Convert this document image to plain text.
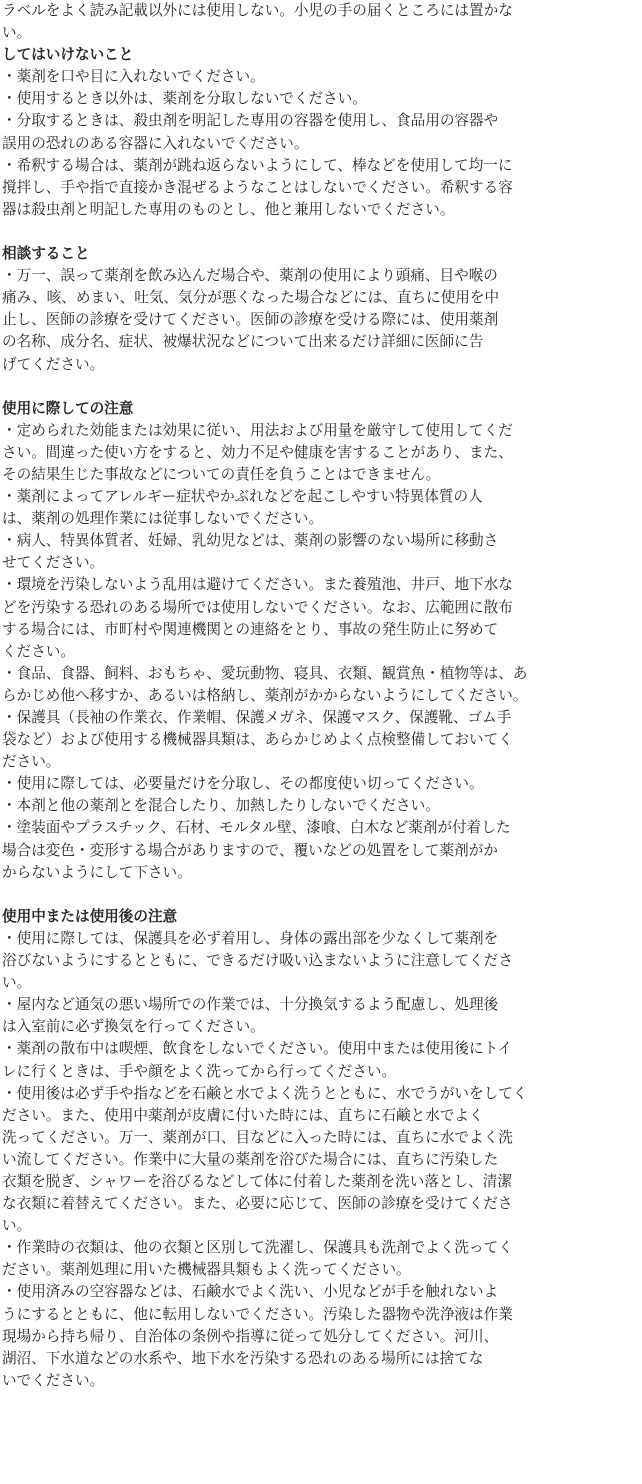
ラベルをよく読み記載以外には使用しない。小児の手の届くところには置かな
い。
してはいけないこと
・薬剤を口や目に入れないでください。
・使用するとき以外は、薬剤を分取しないでください。
・分取するときは、殺虫剤を明記した専用の容器を使用し、食品用の容器や
誤用の恐れのある容器に入れないでください。
・希釈する場合は、薬剤が跳ね返らないようにして、棒などを使用して均一に
撹拌し、手や指で直接かき混ぜるようなことはしないでください。希釈する容
器は殺虫剤と明記した専用のものとし、他と兼用しないでください。
相談すること
・万一、誤って薬剤を飲み込んだ場合や、薬剤の使用により頭痛、目や喉の
痛み、咳、めまい、吐気、気分が悪くなった場合などには、直ちに使用を中
止し、医師の診療を受けてください。医師の診療を受ける際には、使用薬剤
の名称、成分名、症状、被爆状況などについて出来るだけ詳細に医師に告
げてください。
使用に際しての注意
・定められた効能または効果に従い、用法および用量を厳守して使用してくだ
さい。間違った使い方をすると、効力不足や健康を害することがあり、また、
その結果生じた事故などについての責任を負うことはできません。
・薬剤によってアレルギー症状やかぶれなどを起こしやすい特異体質の人
は、薬剤の処理作業には従事しないでください。
・病人、特異体質者、妊婦、乳幼児などは、薬剤の影響のない場所に移動さ
せてください。
・環境を汚染しないよう乱用は避けてください。また養殖池、井戸、地下水な
どを汚染する恐れのある場所では使用しないでください。なお、広範囲に散布
する場合には、市町村や関連機関との連絡をとり、事故の発生防止に努めて
ください。
・食品、食器、飼料、おもちゃ、愛玩動物、寝具、衣類、観賞魚・植物等は、あ
らかじめ他へ移すか、あるいは格納し、薬剤がかからないようにしてください。
・保護具（長袖の作業衣、作業帽、保護メガネ、保護マスク、保護靴、ゴム手
袋など）および使用する機械器具類は、あらかじめよく点検整備しておいてく
ださい。
・使用に際しては、必要量だけを分取し、その都度使い切ってください。
・本剤と他の薬剤とを混合したり、加熱したりしないでください。
・塗装面やプラスチック、石材、モルタル壁、漆喰、白木など薬剤が付着した
場合は変色・変形する場合がありますので、覆いなどの処置をして薬剤がか
からないようにして下さい。
使用中または使用後の注意
・使用に際しては、保護具を必ず着用し、身体の露出部を少なくして薬剤を
浴びないようにするとともに、できるだけ吸い込まないように注意してくださ
い。
・屋内など通気の悪い場所での作業では、十分換気するよう配慮し、処理後
は入室前に必ず換気を行ってください。
・薬剤の散布中は喫煙、飲食をしないでください。使用中または使用後にトイ
レに行くときは、手や顔をよく洗ってから行ってください。
・使用後は必ず手や指などを石鹸と水でよく洗うとともに、水でうがいをしてく
ださい。また、使用中薬剤が皮膚に付いた時には、直ちに石鹸と水でよく
洗ってください。万一、薬剤が口、目などに入った時には、直ちに水でよく洗
い流してください。作業中に大量の薬剤を浴びた場合には、直ちに汚染した
衣類を脱ぎ、シャワーを浴びるなどして体に付着した薬剤を洗い落とし、清潔
な衣類に着替えてください。また、必要に応じて、医師の診療を受けてくださ
い。
・作業時の衣類は、他の衣類と区別して洗濯し、保護具も洗剤でよく洗ってく
ださい。薬剤処理に用いた機械器具類もよく洗ってください。
・使用済みの空容器などは、石鹸水でよく洗い、小児などが手を触れないよ
うにするとともに、他に転用しないでください。汚染した器物や洗浄液は作業
現場から持ち帰り、自治体の条例や指導に従って処分してください。河川、
湖沼、下水道などの水系や、地下水を汚染する恐れのある場所には捨てな
いでください。
